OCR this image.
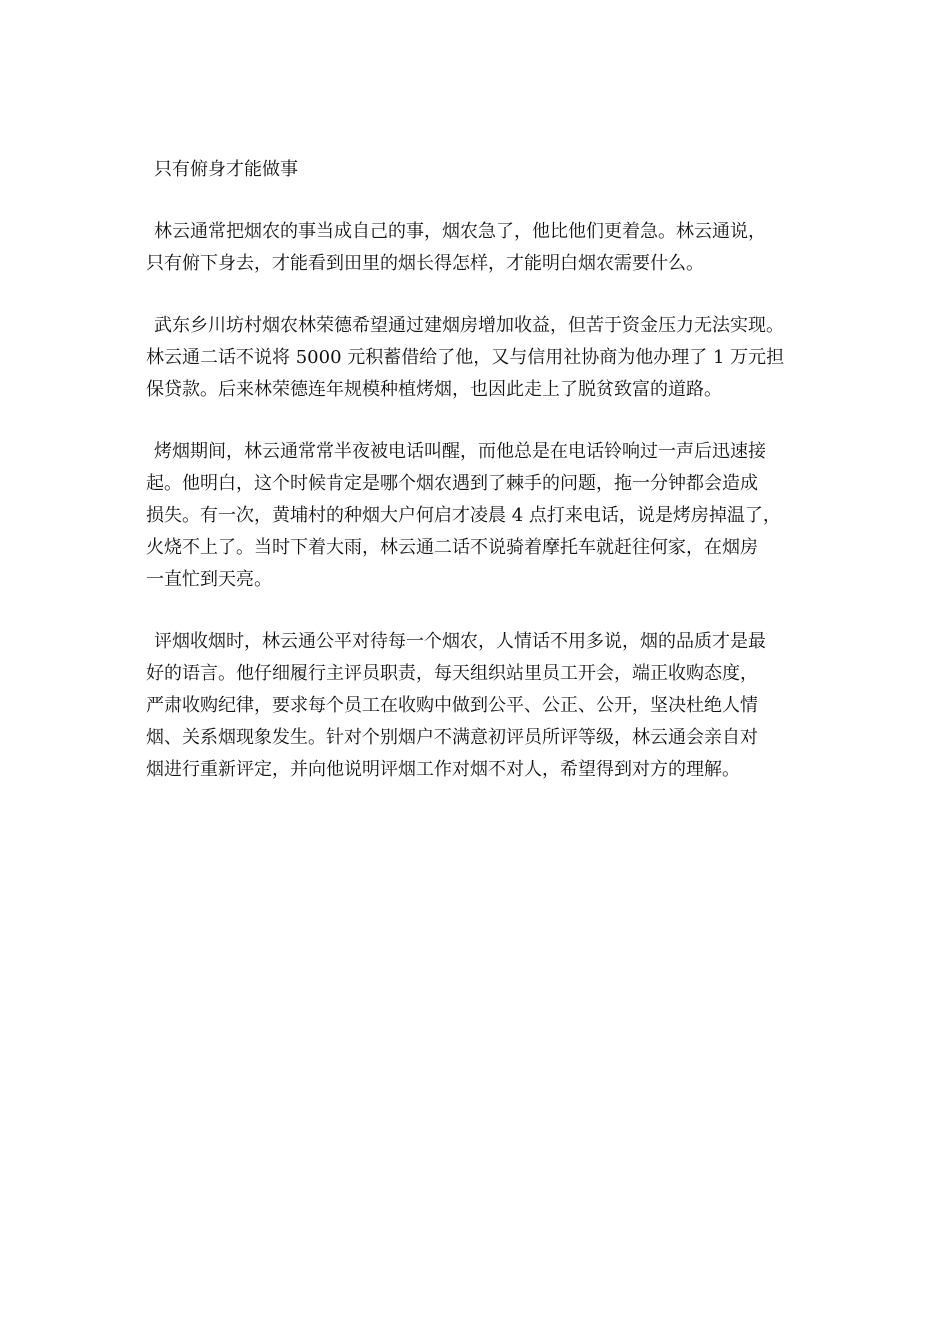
只有俯身才能做事
林云通常把烟农的事当成自己的事，烟农急了，他比他们更着急。林云通说，
只有俯下身去，才能看到田里的烟长得怎样，才能明白烟农需要什么。
武东乡川坊村烟农林荣德希望通过建烟房增加收益，但苦于资金压力无法实现。
林云通二话不说将 5000 元积蓄借给了他，又与信用社协商为他办理了 1 万元担
保贷款。后来林荣德连年规模种植烤烟，也因此走上了脱贫致富的道路。
烤烟期间，林云通常常半夜被电话叫醒，而他总是在电话铃响过一声后迅速接
起。他明白，这个时候肯定是哪个烟农遇到了棘手的问题，拖一分钟都会造成
损失。有一次，黄埔村的种烟大户何启才凌晨 4 点打来电话，说是烤房掉温了，
火烧不上了。当时下着大雨，林云通二话不说骑着摩托车就赶往何家，在烟房
一直忙到天亮。
评烟收烟时，林云通公平对待每一个烟农，人情话不用多说，烟的品质才是最
好的语言。他仔细履行主评员职责，每天组织站里员工开会，端正收购态度，
严肃收购纪律，要求每个员工在收购中做到公平、公正、公开，坚决杜绝人情
烟、关系烟现象发生。针对个别烟户不满意初评员所评等级，林云通会亲自对
烟进行重新评定，并向他说明评烟工作对烟不对人，希望得到对方的理解。
